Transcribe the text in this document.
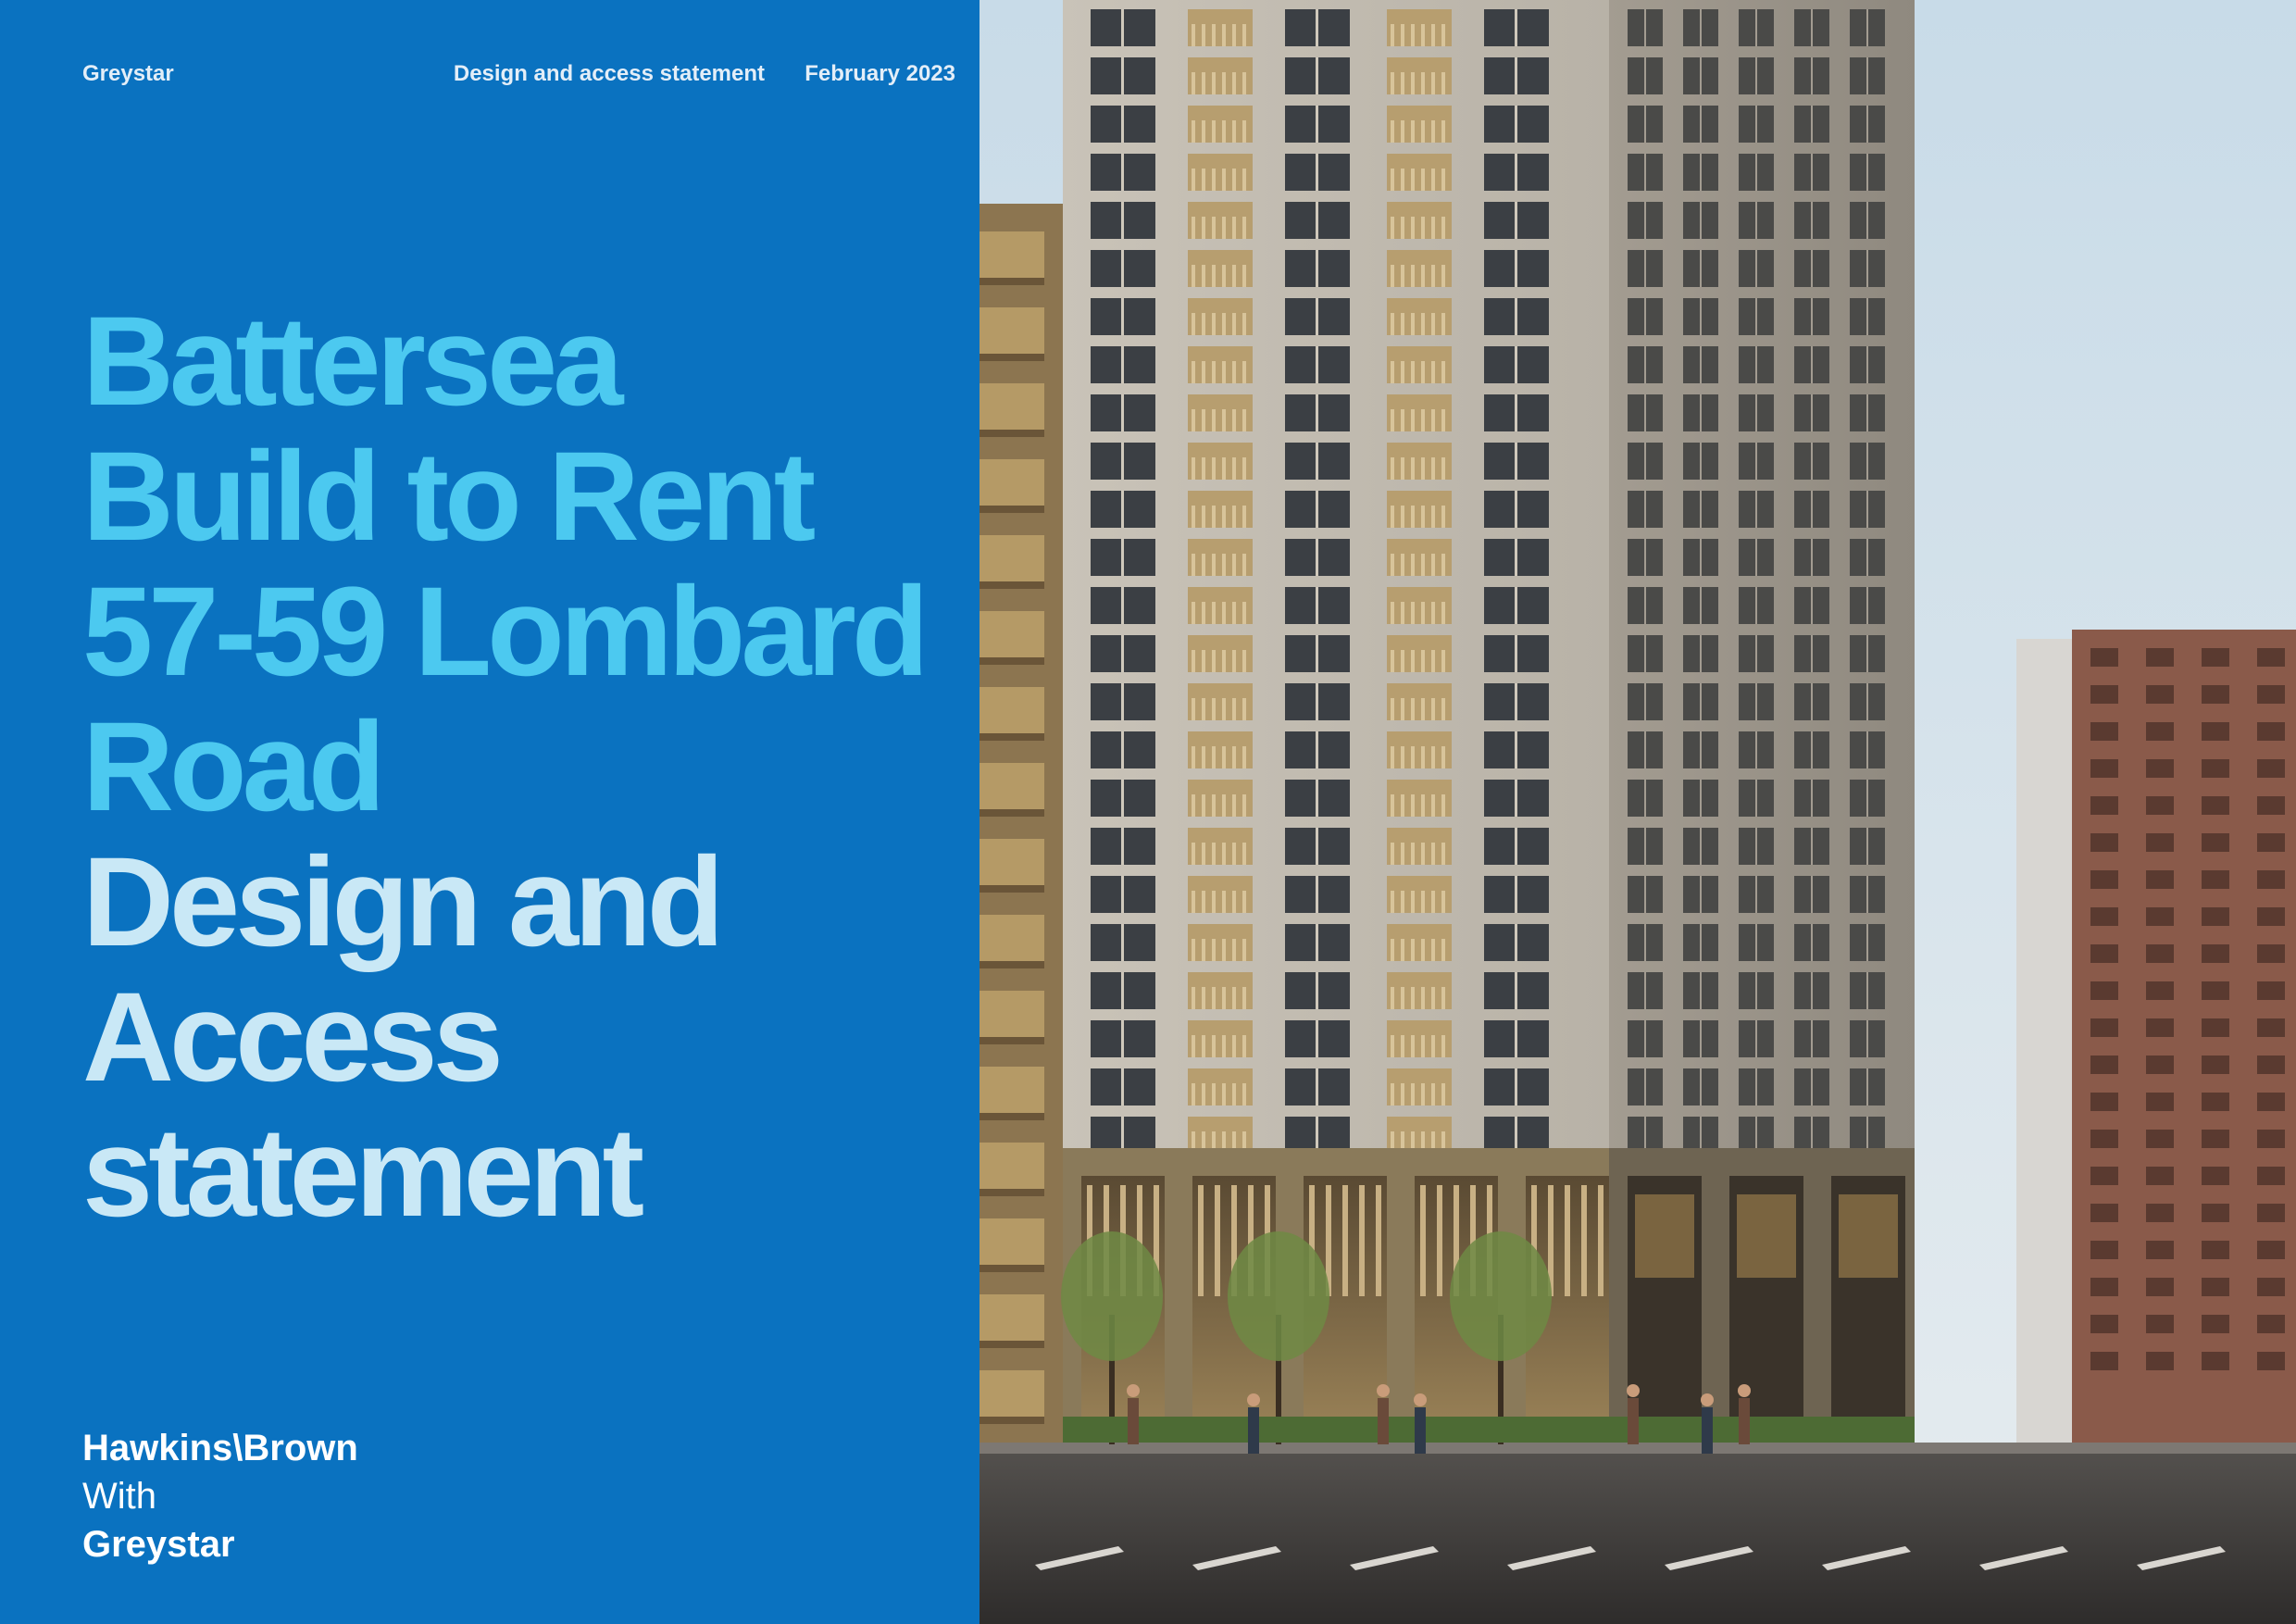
Greystar	Design and access statement February 2023
Battersea
Build to Rent
57-59 Lombard
Road
Design and
Access
statement
Hawkins\Brown
With
Greystar
